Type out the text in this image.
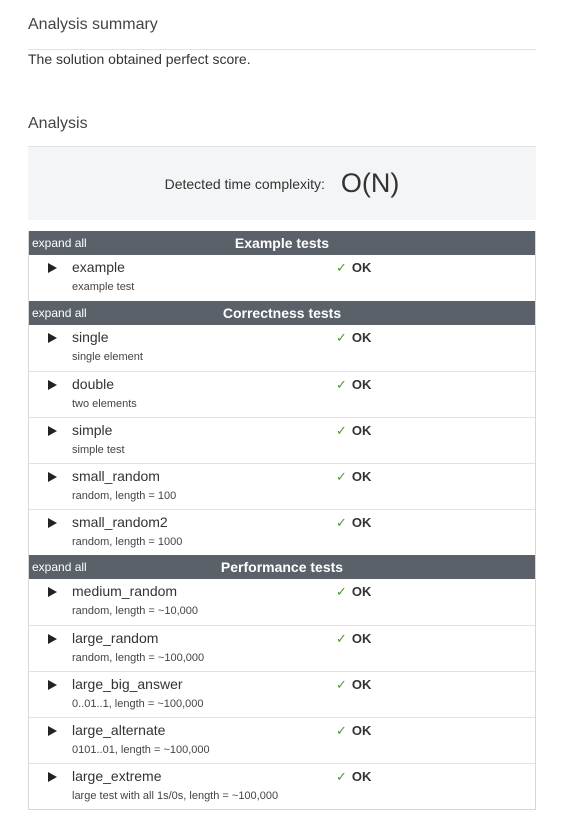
Analysis summary
The solution obtained perfect score.
Analysis
Detected time complexity: O(N)
expand all	Example tests
example
example test
✓ OK
expand all	Correctness tests
single
single element
✓ OK
double
two elements
✓ OK
simple
simple test
✓ OK
small_random
random, length = 100
✓ OK
small_random2
random, length = 1000
✓ OK
expand all	Performance tests
medium_random
random, length = ~10,000
✓ OK
large_random
random, length = ~100,000
✓ OK
large_big_answer
0..01..1, length = ~100,000
✓ OK
large_alternate
0101..01, length = ~100,000
✓ OK
large_extreme
large test with all 1s/0s, length = ~100,000
✓ OK
